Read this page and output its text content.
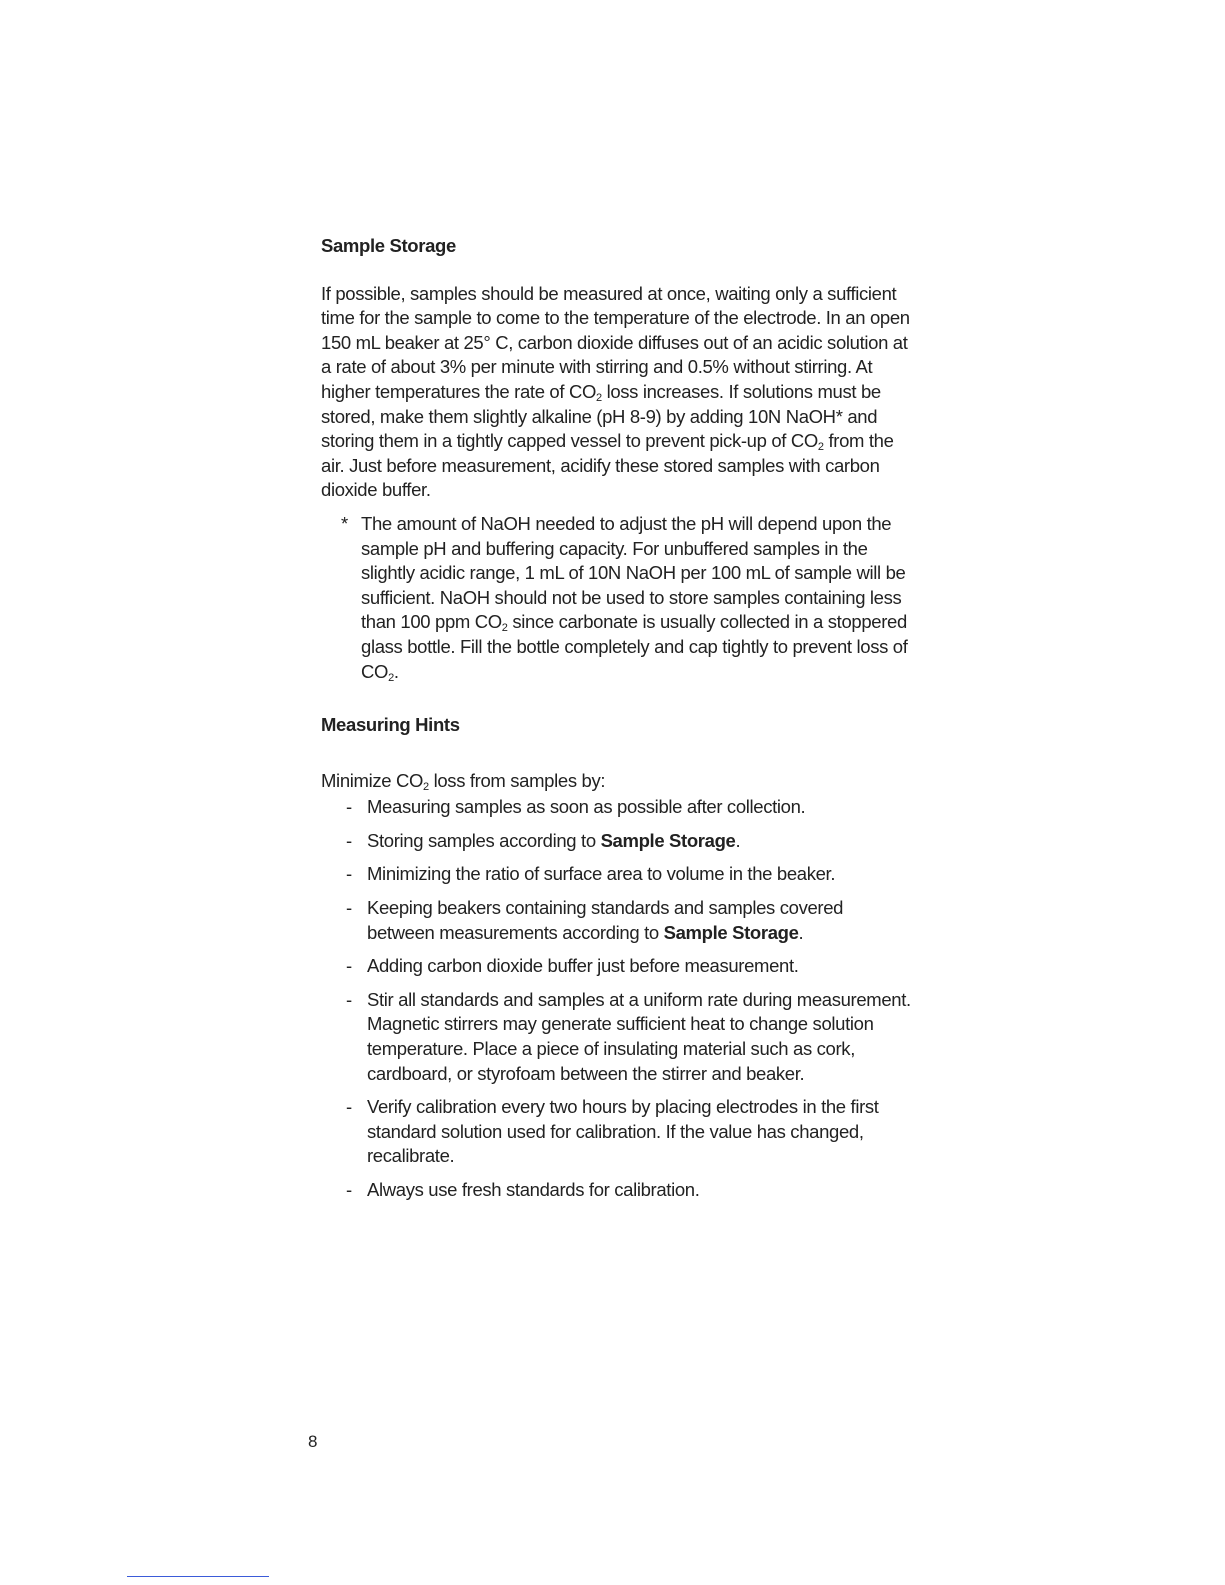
Sample Storage

If possible, samples should be measured at once, waiting only a sufficient time for the sample to come to the temperature of the electrode. In an open 150 mL beaker at 25° C, carbon dioxide diffuses out of an acidic solution at a rate of about 3% per minute with stirring and 0.5% without stirring. At higher temperatures the rate of $CO_2$ loss increases. If solutions must be stored, make them slightly alkaline (pH 8-9) by adding 10N NaOH* and storing them in a tightly capped vessel to prevent pick-up of $CO_2$ from the air. Just before measurement, acidify these stored samples with carbon dioxide buffer.

* The amount of NaOH needed to adjust the pH will depend upon the sample pH and buffering capacity. For unbuffered samples in the slightly acidic range, 1 mL of 10N NaOH per 100 mL of sample will be sufficient. NaOH should not be used to store samples containing less than 100 ppm $CO_2$ since carbonate is usually collected in a stoppered glass bottle. Fill the bottle completely and cap tightly to prevent loss of $CO_2$.

Measuring Hints

Minimize $CO_2$ loss from samples by:

- Measuring samples as soon as possible after collection.
- Storing samples according to Sample Storage.
- Minimizing the ratio of surface area to volume in the beaker.
- Keeping beakers containing standards and samples covered between measurements according to Sample Storage.
- Adding carbon dioxide buffer just before measurement.
- Stir all standards and samples at a uniform rate during measurement. Magnetic stirrers may generate sufficient heat to change solution temperature. Place a piece of insulating material such as cork, cardboard, or styrofoam between the stirrer and beaker.
- Verify calibration every two hours by placing electrodes in the first standard solution used for calibration. If the value has changed, recalibrate.
- Always use fresh standards for calibration.
8
